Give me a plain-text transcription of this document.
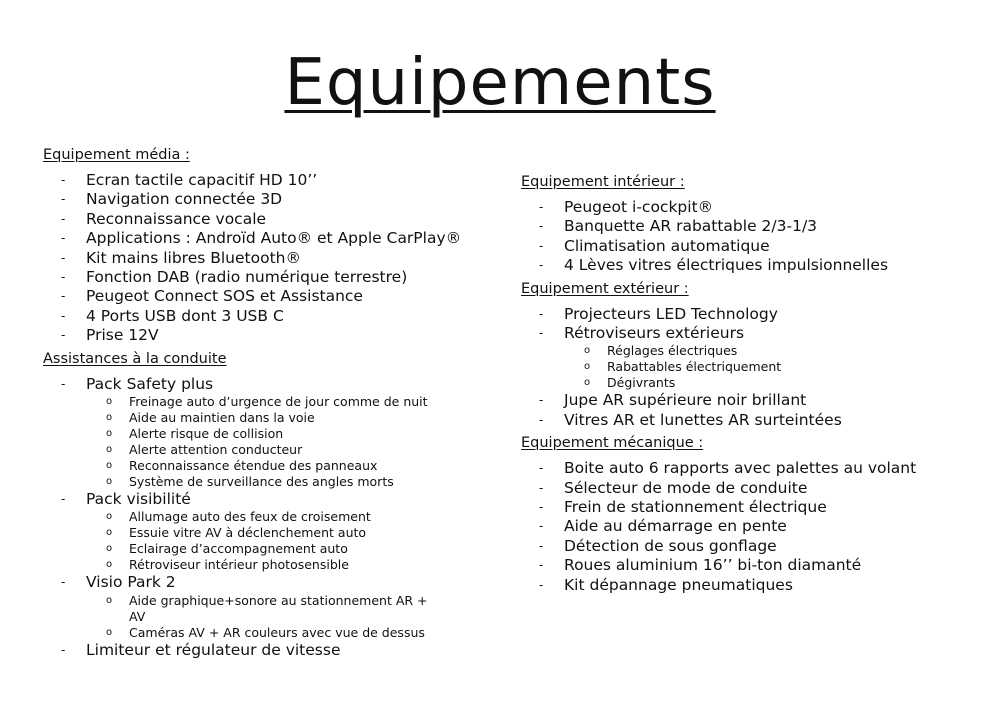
Equipements
Equipement média :
- Ecran tactile capacitif HD 10’’
- Navigation connectée 3D
- Reconnaissance vocale
- Applications : Androïd Auto® et Apple CarPlay®
- Kit mains libres Bluetooth®
- Fonction DAB (radio numérique terrestre)
- Peugeot Connect SOS et Assistance
- 4 Ports USB dont 3 USB C
- Prise 12V
Assistances à la conduite
- Pack Safety plus
o Freinage auto d’urgence de jour comme de nuit
o Aide au maintien dans la voie
o Alerte risque de collision
o Alerte attention conducteur
o Reconnaissance étendue des panneaux
o Système de surveillance des angles morts
- Pack visibilité
o Allumage auto des feux de croisement
o Essuie vitre AV à déclenchement auto
o Eclairage d’accompagnement auto
o Rétroviseur intérieur photosensible
- Visio Park 2
o Aide graphique+sonore au stationnement AR + AV
o Caméras AV + AR couleurs avec vue de dessus
- Limiteur et régulateur de vitesse
Equipement intérieur :
- Peugeot i-cockpit®
- Banquette AR rabattable 2/3-1/3
- Climatisation automatique
- 4 Lèves vitres électriques impulsionnelles
Equipement extérieur :
- Projecteurs LED Technology
- Rétroviseurs extérieurs
o Réglages électriques
o Rabattables électriquement
o Dégivrants
- Jupe AR supérieure noir brillant
- Vitres AR et lunettes AR surteintées
Equipement mécanique :
- Boite auto 6 rapports avec palettes au volant
- Sélecteur de mode de conduite
- Frein de stationnement électrique
- Aide au démarrage en pente
- Détection de sous gonflage
- Roues aluminium 16’’ bi-ton diamanté
- Kit dépannage pneumatiques
